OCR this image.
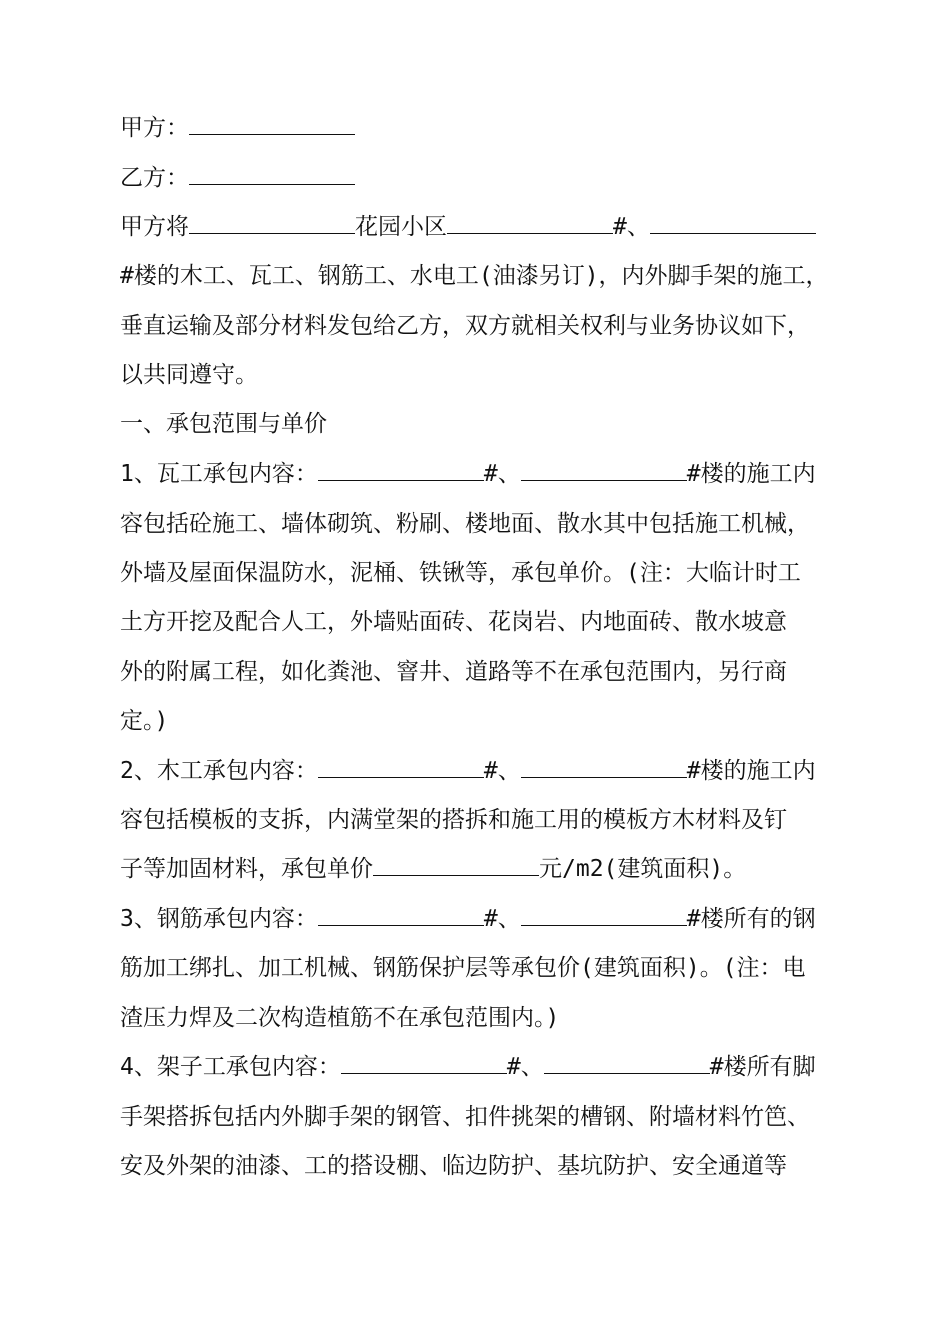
甲方：
乙方：
甲方将	花园小区	#、
#楼的木工、瓦工、钢筋工、水电工(油漆另订)，内外脚手架的施工，
垂直运输及部分材料发包给乙方，双方就相关权利与业务协议如下，
以共同遵守。
一、承包范围与单价
1、瓦工承包内容：	#、	#楼的施工内
容包括砼施工、墙体砌筑、粉刷、楼地面、散水其中包括施工机械，
外墙及屋面保温防水，泥桶、铁锹等，承包单价。(注：大临计时工
土方开挖及配合人工，外墙贴面砖、花岗岩、内地面砖、散水坡意
外的附属工程，如化粪池、窨井、道路等不在承包范围内，另行商
定。)
2、木工承包内容：	#、	#楼的施工内
容包括模板的支拆，内满堂架的搭拆和施工用的模板方木材料及钉
子等加固材料，承包单价	元/m2(建筑面积)。
3、钢筋承包内容：	#、	#楼所有的钢
筋加工绑扎、加工机械、钢筋保护层等承包价(建筑面积)。(注：电
渣压力焊及二次构造植筋不在承包范围内。)
4、架子工承包内容：	#、	#楼所有脚
手架搭拆包括内外脚手架的钢管、扣件挑架的槽钢、附墙材料竹笆、
安及外架的油漆、工的搭设棚、临边防护、基坑防护、安全通道等
